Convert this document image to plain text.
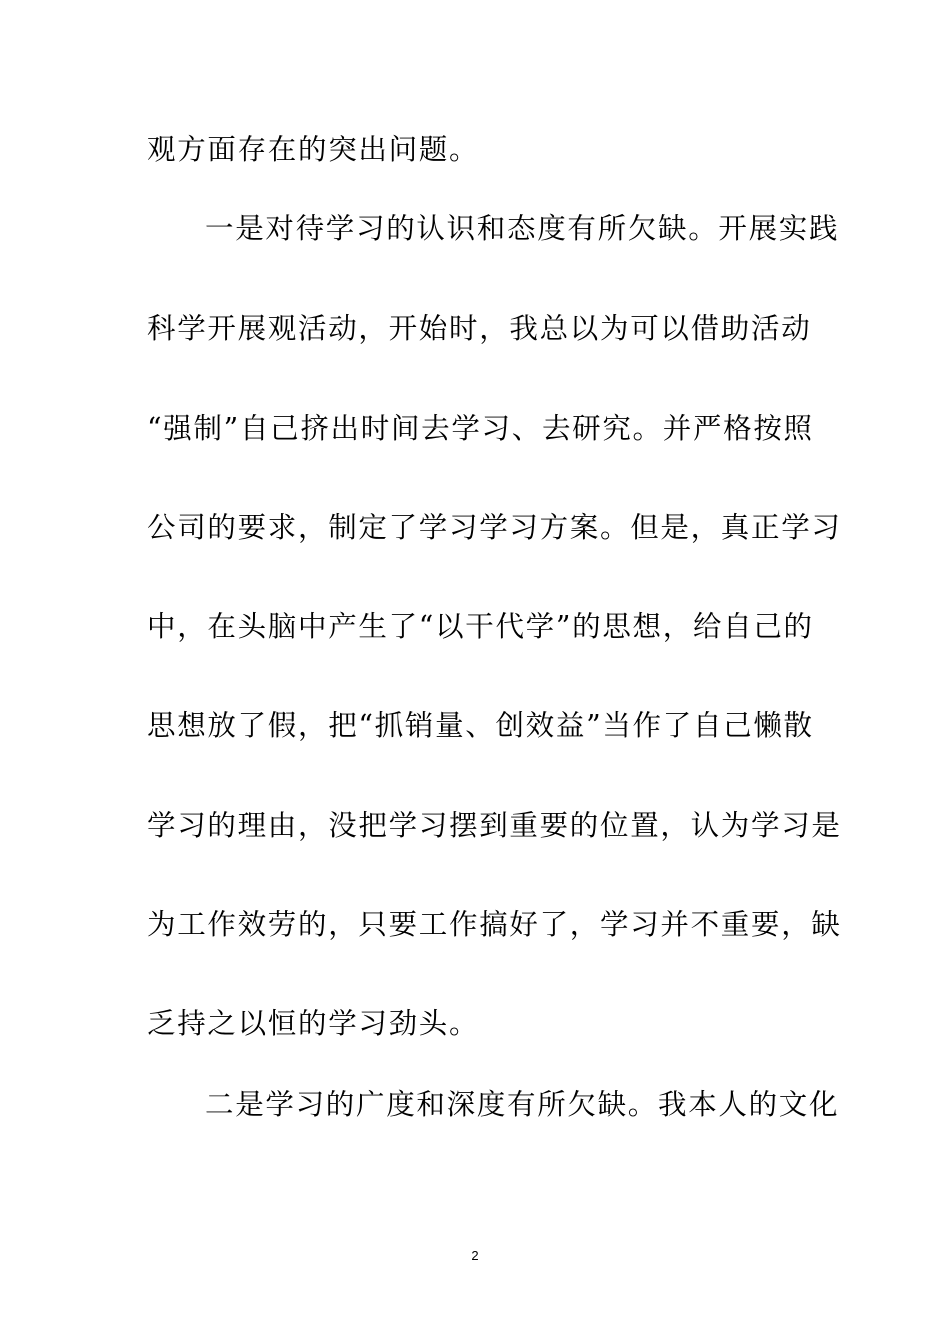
观方面存在的突出问题。
一是对待学习的认识和态度有所欠缺。开展实践
科学开展观活动，开始时，我总以为可以借助活动
“强制”自己挤出时间去学习、去研究。并严格按照
公司的要求，制定了学习学习方案。但是，真正学习
中，在头脑中产生了“以干代学”的思想，给自己的
思想放了假，把“抓销量、创效益”当作了自己懒散
学习的理由，没把学习摆到重要的位置，认为学习是
为工作效劳的，只要工作搞好了，学习并不重要，缺
乏持之以恒的学习劲头。
二是学习的广度和深度有所欠缺。我本人的文化
2
